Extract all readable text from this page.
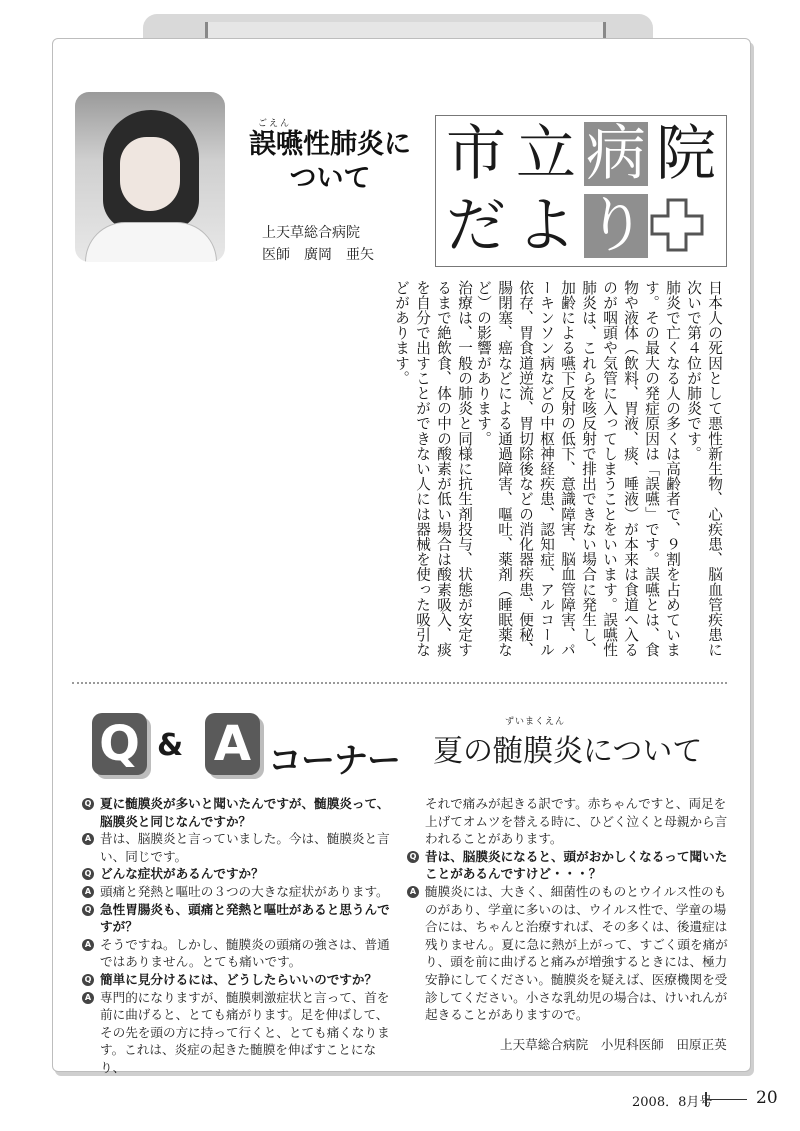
ごえん
誤嚥性肺炎に
ついて
上天草総合病院
医師　廣岡　亜矢
市 立 病 院
だ よ り
日本人の死因として悪性新生物、心疾患、脳血管疾患に次いで第４位が肺炎です。
肺炎で亡くなる人の多くは高齢者で、９割を占めています。その最大の発症原因は「誤嚥」です。誤嚥とは、食物や液体（飲料、胃液、痰、唾液）が本来は食道へ入るのが咽頭や気管に入ってしまうことをいいます。誤嚥性肺炎は、これらを咳反射で排出できない場合に発生し、加齢による嚥下反射の低下、意識障害、脳血管障害、パーキンソン病などの中枢神経疾患、認知症、アルコール依存、胃食道逆流、胃切除後などの消化器疾患、便秘、腸閉塞、癌などによる通過障害、嘔吐、薬剤（睡眠薬など）の影響があります。
治療は、一般の肺炎と同様に抗生剤投与、状態が安定するまで絶飲食、体の中の酸素が低い場合は酸素吸入、痰を自分で出すことができない人には器械を使った吸引などがあります。
Q & A コーナー
ずいまくえん
夏の髄膜炎について

Q 夏に髄膜炎が多いと聞いたんですが、髄膜炎って、脳膜炎と同じなんですか？

A 昔は、脳膜炎と言っていました。今は、髄膜炎と言い、同じです。

Q どんな症状があるんですか？

A 頭痛と発熱と嘔吐の３つの大きな症状があります。

Q 急性胃腸炎も、頭痛と発熱と嘔吐があると思うんですが？

A そうですね。しかし、髄膜炎の頭痛の強さは、普通ではありません。とても痛いです。

Q 簡単に見分けるには、どうしたらいいのですか？

A 専門的になりますが、髄膜刺激症状と言って、首を前に曲げると、とても痛がります。足を伸ばして、その先を頭の方に持って行くと、とても痛くなります。これは、炎症の起きた髄膜を伸ばすことになり、

それで痛みが起きる訳です。赤ちゃんですと、両足を上げてオムツを替える時に、ひどく泣くと母親から言われることがあります。

Q 昔は、脳膜炎になると、頭がおかしくなるって聞いたことがあるんですけど・・・？

A 髄膜炎には、大きく、細菌性のものとウイルス性のものがあり、学童に多いのは、ウイルス性で、学童の場合には、ちゃんと治療すれば、その多くは、後遺症は残りません。夏に急に熱が上がって、すごく頭を痛がり、頭を前に曲げると痛みが増強するときには、極力安静にしてください。髄膜炎を疑えば、医療機関を受診してください。小さな乳幼児の場合は、けいれんが起きることがありますので。

上天草総合病院　小児科医師　田原正英
2008．8月号	20
